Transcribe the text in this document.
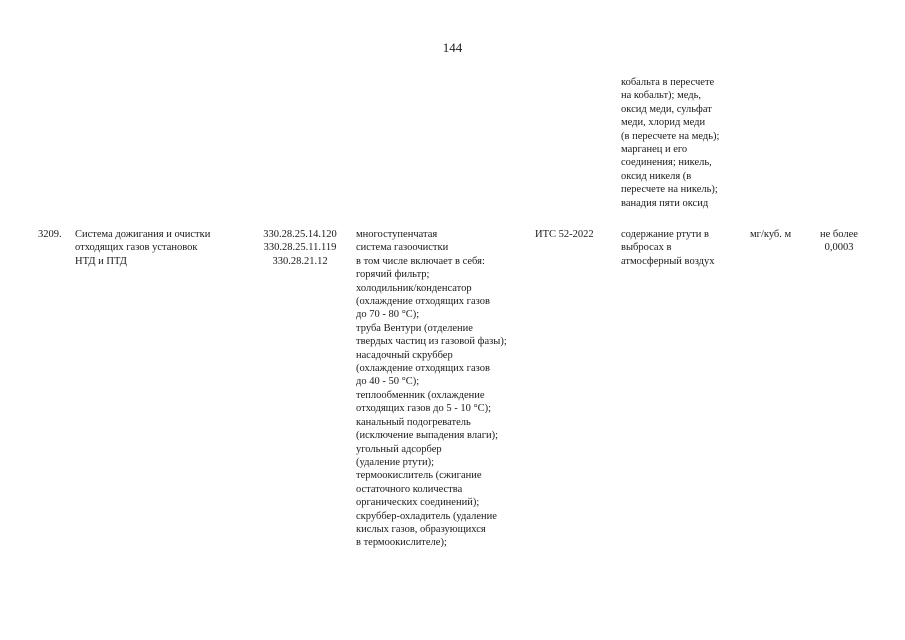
144
кобальта в пересчете
на кобальт); медь,
оксид меди, сульфат
меди, хлорид меди
(в пересчете на медь);
марганец и его
соединения; никель,
оксид никеля (в
пересчете на никель);
ванадия пяти оксид
3209. Система дожигания и очистки
отходящих газов установок
НТД и ПТД
330.28.25.14.120
330.28.25.11.119
330.28.21.12
многоступенчатая
система газоочистки
в том числе включает в себя:
горячий фильтр;
холодильник/конденсатор
(охлаждение отходящих газов
до 70 - 80 °C);
труба Вентури (отделение
твердых частиц из газовой фазы);
насадочный скруббер
(охлаждение отходящих газов
до 40 - 50 °C);
теплообменник (охлаждение
отходящих газов до 5 - 10 °C);
канальный подогреватель
(исключение выпадения влаги);
угольный адсорбер
(удаление ртути);
термоокислитель (сжигание
остаточного количества
органических соединений);
скруббер-охладитель (удаление
кислых газов, образующихся
в термоокислителе);
ИТС 52-2022	содержание ртути в
выбросах в
атмосферный воздух
мг/куб. м	не более
0,0003
